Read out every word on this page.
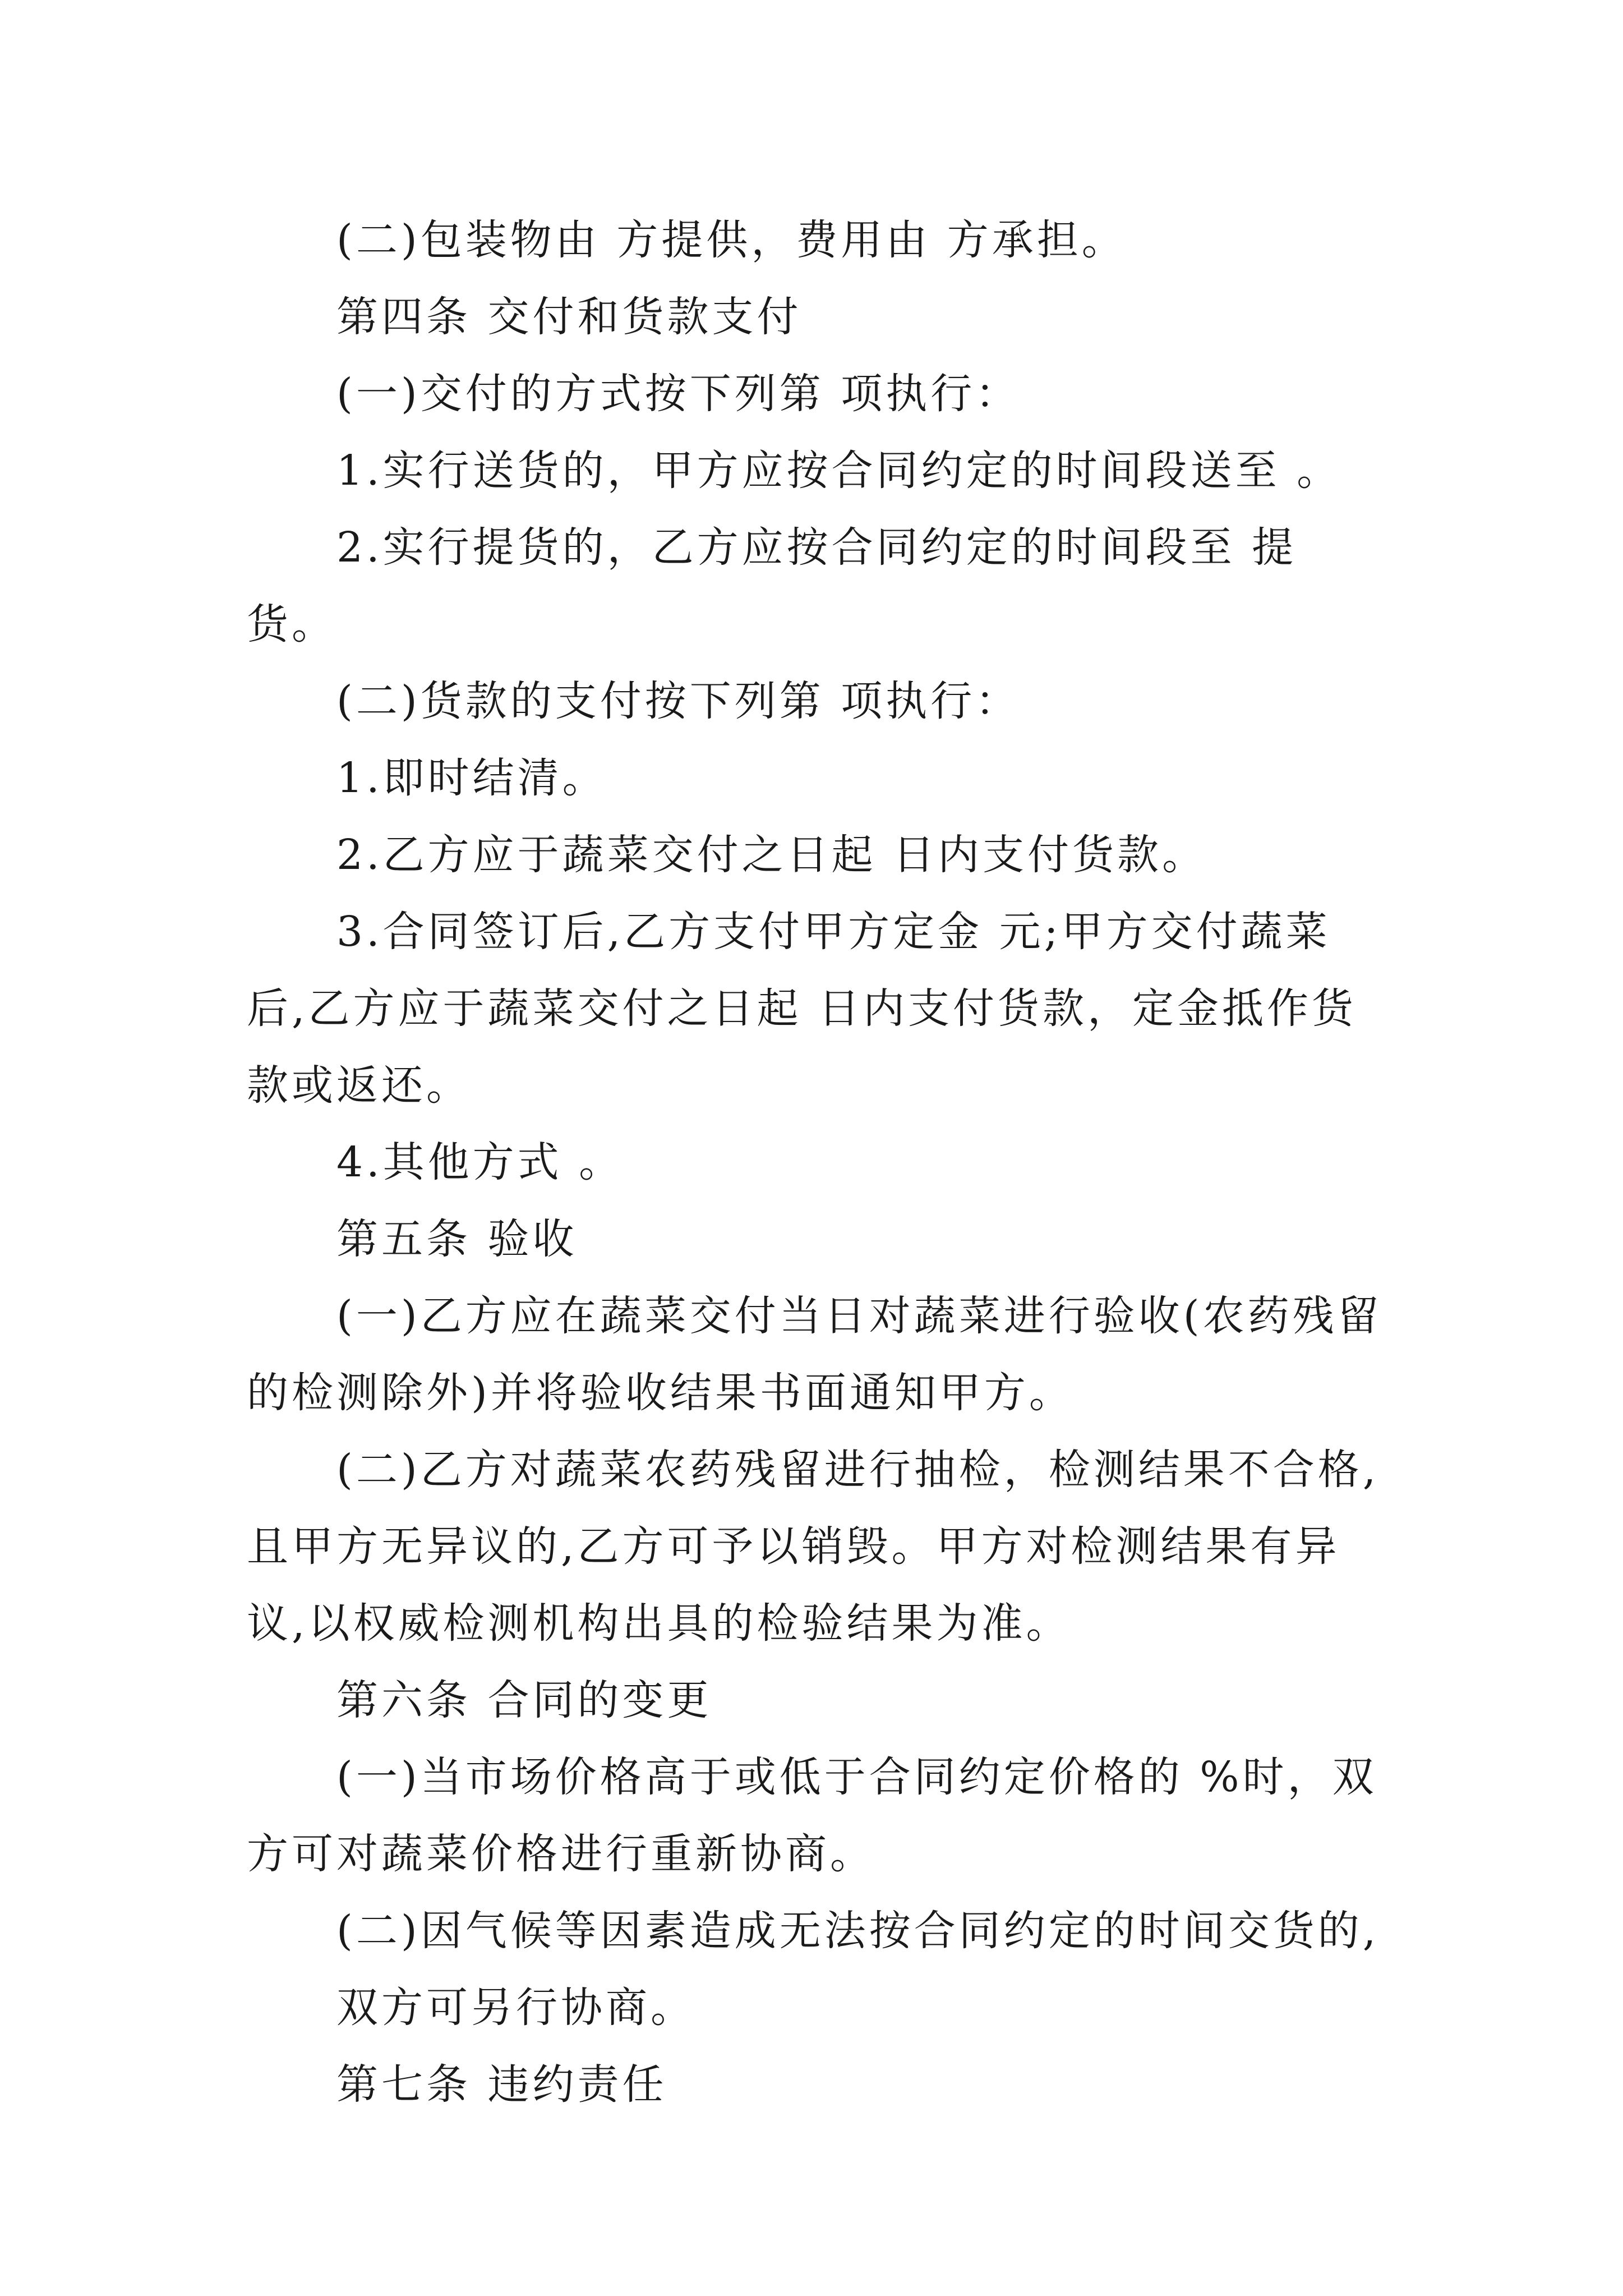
(二)包装物由 方提供，费用由 方承担。

第四条 交付和货款支付

(一)交付的方式按下列第 项执行：

1.实行送货的，甲方应按合同约定的时间段送至 。

2.实行提货的，乙方应按合同约定的时间段至 提货。

(二)货款的支付按下列第 项执行：

1.即时结清。

2.乙方应于蔬菜交付之日起 日内支付货款。

3.合同签订后,乙方支付甲方定金 元;甲方交付蔬菜后,乙方应于蔬菜交付之日起 日内支付货款，定金抵作货款或返还。

4.其他方式 。

第五条 验收

(一)乙方应在蔬菜交付当日对蔬菜进行验收(农药残留的检测除外)并将验收结果书面通知甲方。

(二)乙方对蔬菜农药残留进行抽检，检测结果不合格,且甲方无异议的,乙方可予以销毁。甲方对检测结果有异议,以权威检测机构出具的检验结果为准。

第六条 合同的变更

(一)当市场价格高于或低于合同约定价格的 %时，双方可对蔬菜价格进行重新协商。

(二)因气候等因素造成无法按合同约定的时间交货的,

双方可另行协商。

第七条 违约责任
